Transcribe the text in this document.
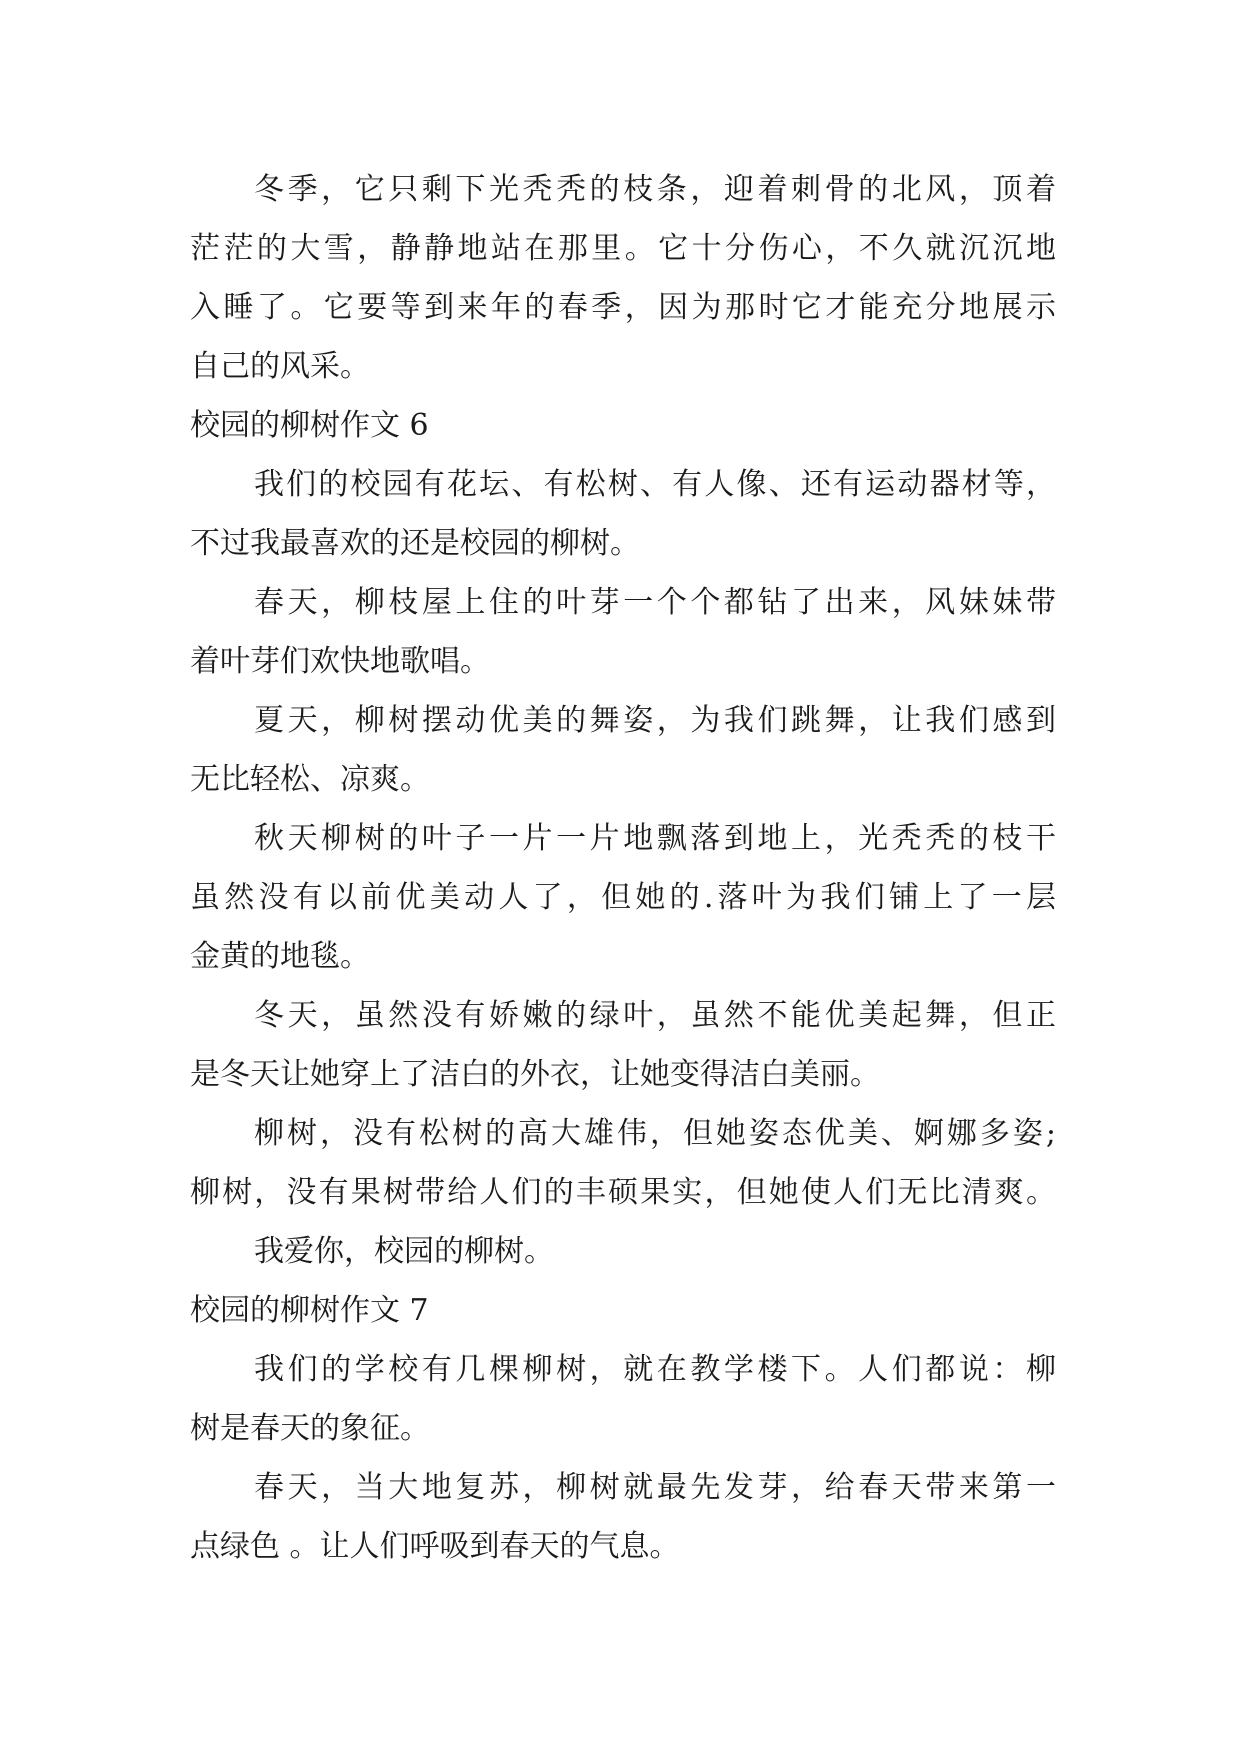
冬季，它只剩下光秃秃的枝条，迎着刺骨的北风，顶着
茫茫的大雪，静静地站在那里。它十分伤心，不久就沉沉地
入睡了。它要等到来年的春季，因为那时它才能充分地展示
自己的风采。
校园的柳树作文 6
我们的校园有花坛、有松树、有人像、还有运动器材等，
不过我最喜欢的还是校园的柳树。
春天，柳枝屋上住的叶芽一个个都钻了出来，风妹妹带
着叶芽们欢快地歌唱。
夏天，柳树摆动优美的舞姿，为我们跳舞，让我们感到
无比轻松、凉爽。
秋天柳树的叶子一片一片地飘落到地上，光秃秃的枝干
虽然没有以前优美动人了，但她的.落叶为我们铺上了一层
金黄的地毯。
冬天，虽然没有娇嫩的绿叶，虽然不能优美起舞，但正
是冬天让她穿上了洁白的外衣，让她变得洁白美丽。
柳树，没有松树的高大雄伟，但她姿态优美、婀娜多姿;
柳树，没有果树带给人们的丰硕果实，但她使人们无比清爽。
我爱你，校园的柳树。
校园的柳树作文 7
我们的学校有几棵柳树，就在教学楼下。人们都说：柳
树是春天的象征。
春天，当大地复苏，柳树就最先发芽，给春天带来第一
点绿色 。让人们呼吸到春天的气息。
